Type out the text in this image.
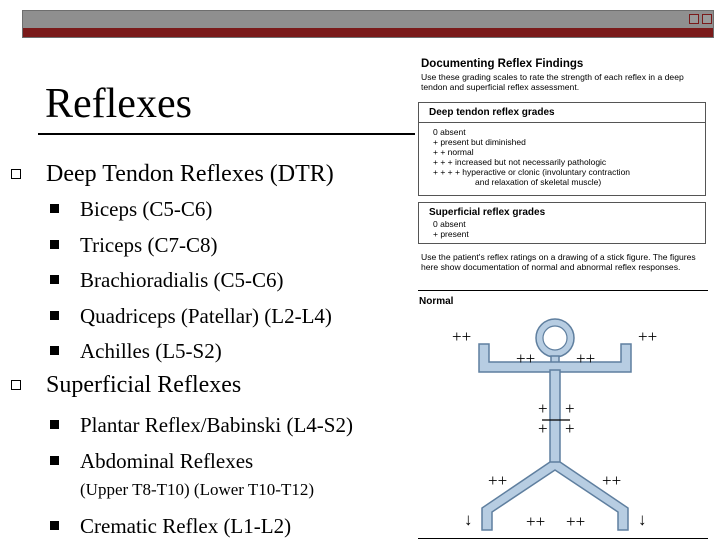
Reflexes
Deep Tendon Reflexes (DTR)
Biceps (C5-C6)
Triceps (C7-C8)
Brachioradialis (C5-C6)
Quadriceps (Patellar) (L2-L4)
Achilles (L5-S2)
Superficial Reflexes
Plantar Reflex/Babinski (L4-S2)
Abdominal Reflexes
(Upper T8-T10) (Lower T10-T12)
Crematic Reflex (L1-L2)
Documenting Reflex Findings
Use these grading scales to rate the strength of each reflex in a deep tendon and superficial reflex assessment.
Deep tendon reflex grades
0 absent
+ present but diminished
+ + normal
+ + + increased but not necessarily pathologic
+ + + + hyperactive or clonic (involuntary contraction
and relaxation of skeletal muscle)
Superficial reflex grades
0 absent
+ present
Use the patient's reflex ratings on a drawing of a stick figure. The figures here show documentation of normal and abnormal reflex responses.
Normal
++	++
++ ++
+ +
+ +
++	++
++ ++
↓	↓
